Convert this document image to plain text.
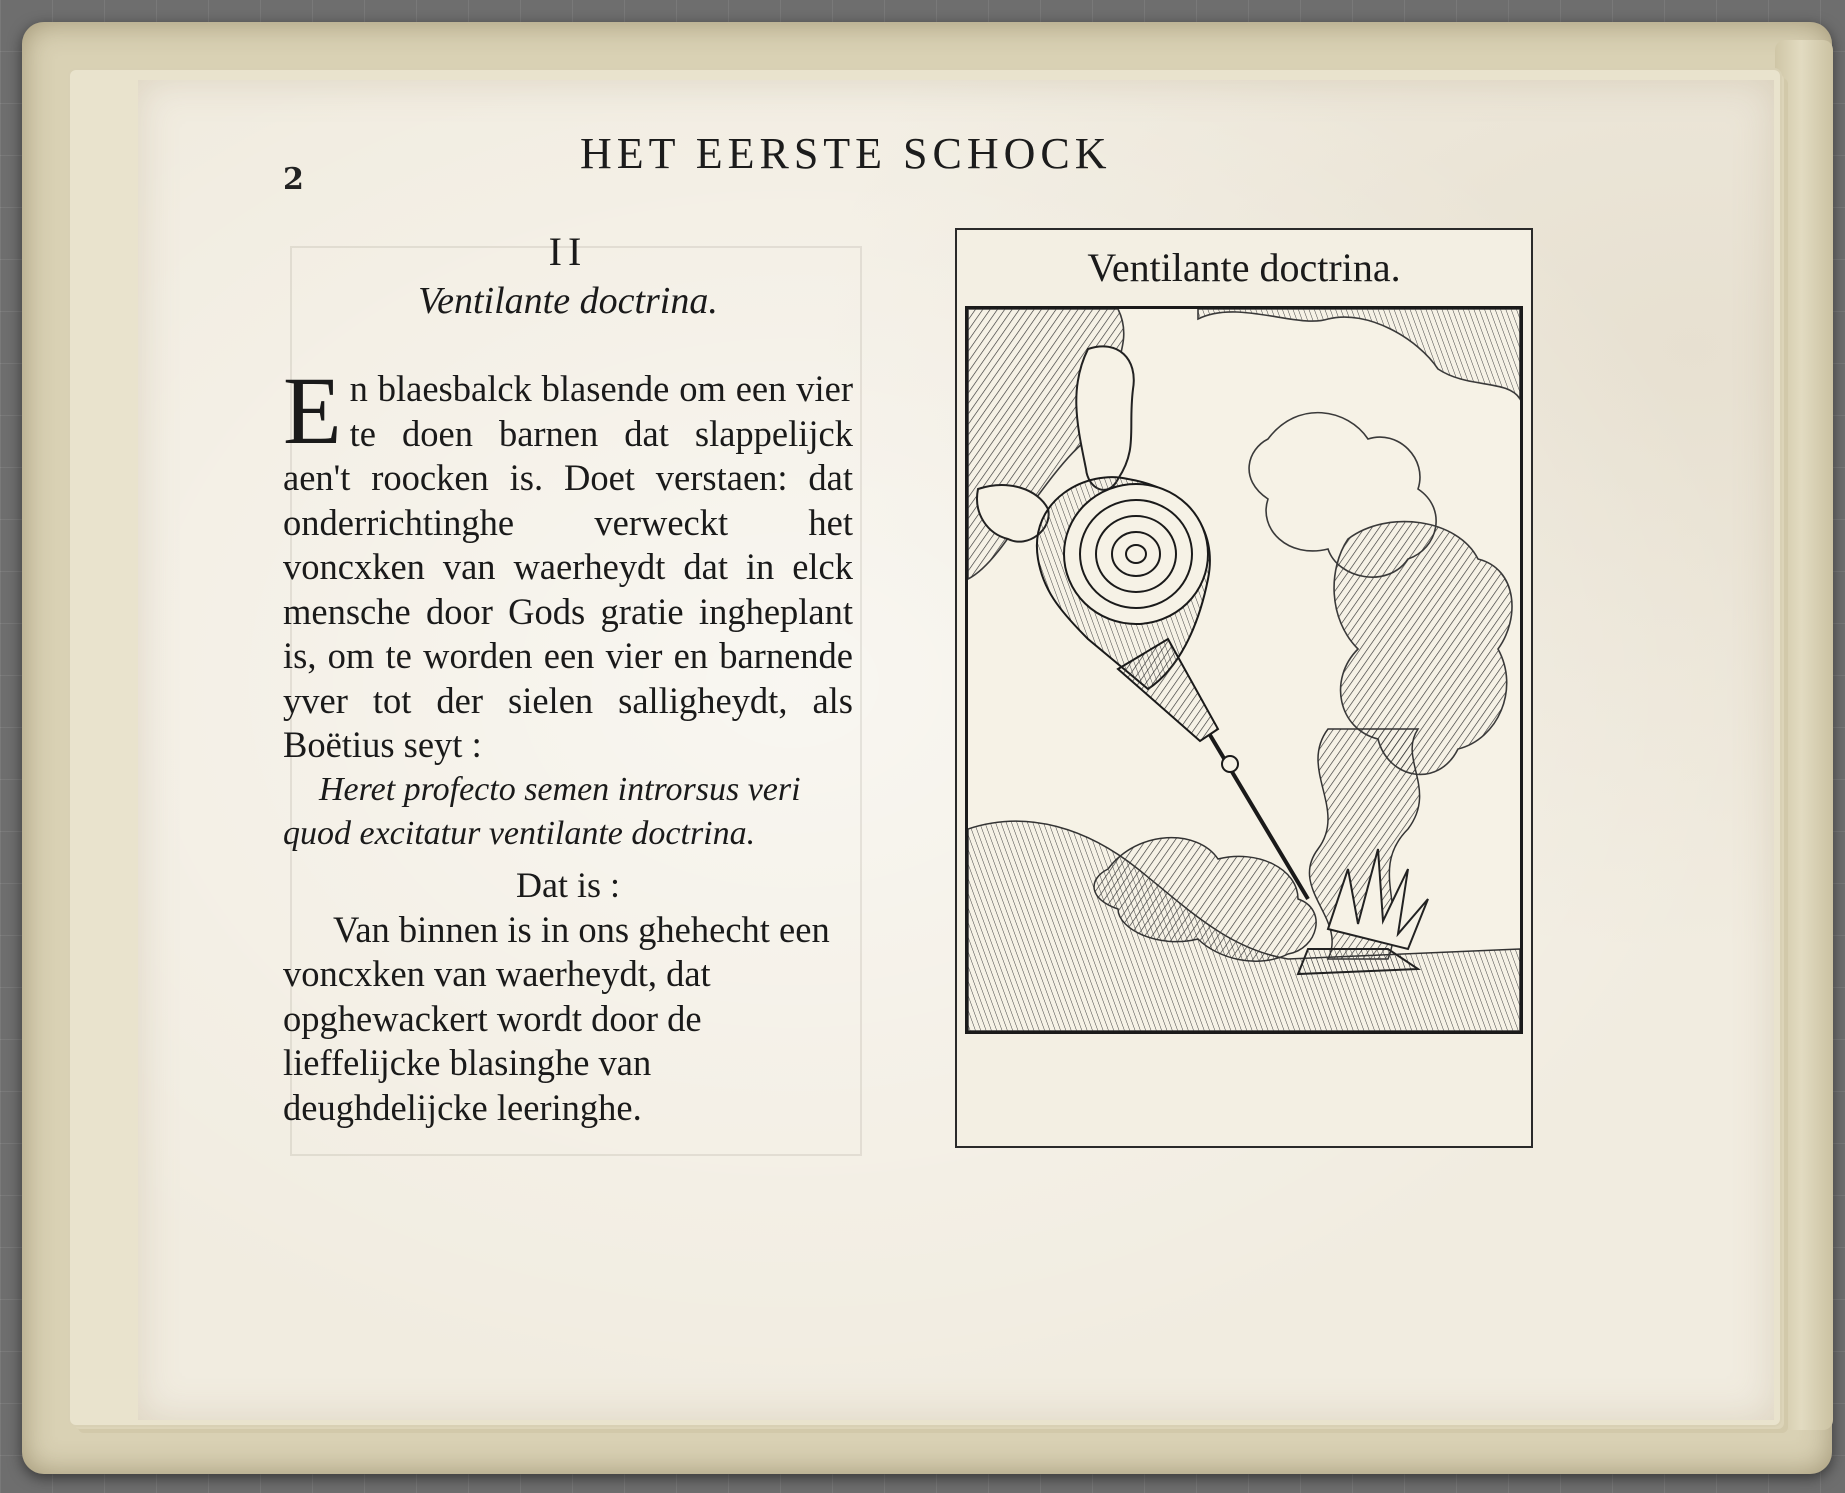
2
HET EERSTE SCHOCK
II
Ventilante doctrina.

En blaesbalck blasende om een vier te doen barnen dat slappelijck aen't roocken is. Doet verstaen: dat onderrichtinghe verweckt het voncxken van waerheydt dat in elck mensche door Gods gratie ingheplant is, om te worden een vier en barnende yver tot der sielen salligheydt, als Boëtius seyt :

Heret profecto semen introrsus veri quod excitatur ventilante doctrina.

Dat is :

Van binnen is in ons ghehecht een voncxken van waerheydt, dat opghewackert wordt door de lieffelijcke blasinghe van deughdelijcke leeringhe.

Ventilante doctrina.
